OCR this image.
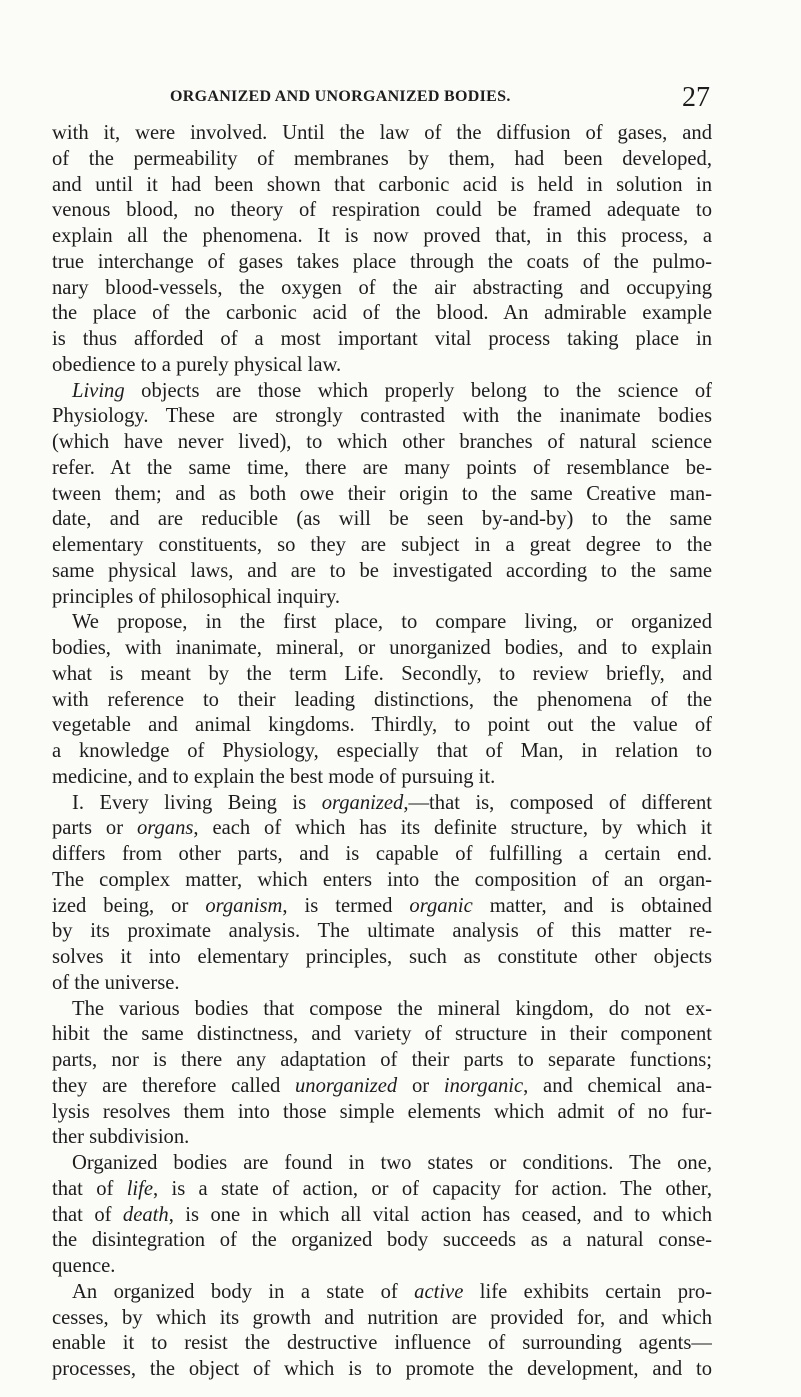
ORGANIZED AND UNORGANIZED BODIES.	27
with it, were involved. Until the law of the diffusion of gases, and
of the permeability of membranes by them, had been developed,
and until it had been shown that carbonic acid is held in solution in
venous blood, no theory of respiration could be framed adequate to
explain all the phenomena. It is now proved that, in this process, a
true interchange of gases takes place through the coats of the pulmo-
nary blood-vessels, the oxygen of the air abstracting and occupying
the place of the carbonic acid of the blood. An admirable example
is thus afforded of a most important vital process taking place in
obedience to a purely physical law.
Living objects are those which properly belong to the science of
Physiology. These are strongly contrasted with the inanimate bodies
(which have never lived), to which other branches of natural science
refer. At the same time, there are many points of resemblance be-
tween them; and as both owe their origin to the same Creative man-
date, and are reducible (as will be seen by-and-by) to the same
elementary constituents, so they are subject in a great degree to the
same physical laws, and are to be investigated according to the same
principles of philosophical inquiry.
We propose, in the first place, to compare living, or organized
bodies, with inanimate, mineral, or unorganized bodies, and to explain
what is meant by the term Life. Secondly, to review briefly, and
with reference to their leading distinctions, the phenomena of the
vegetable and animal kingdoms. Thirdly, to point out the value of
a knowledge of Physiology, especially that of Man, in relation to
medicine, and to explain the best mode of pursuing it.
I. Every living Being is organized,—that is, composed of different
parts or organs, each of which has its definite structure, by which it
differs from other parts, and is capable of fulfilling a certain end.
The complex matter, which enters into the composition of an organ-
ized being, or organism, is termed organic matter, and is obtained
by its proximate analysis. The ultimate analysis of this matter re-
solves it into elementary principles, such as constitute other objects
of the universe.
The various bodies that compose the mineral kingdom, do not ex-
hibit the same distinctness, and variety of structure in their component
parts, nor is there any adaptation of their parts to separate functions;
they are therefore called unorganized or inorganic, and chemical ana-
lysis resolves them into those simple elements which admit of no fur-
ther subdivision.
Organized bodies are found in two states or conditions. The one,
that of life, is a state of action, or of capacity for action. The other,
that of death, is one in which all vital action has ceased, and to which
the disintegration of the organized body succeeds as a natural conse-
quence.
An organized body in a state of active life exhibits certain pro-
cesses, by which its growth and nutrition are provided for, and which
enable it to resist the destructive influence of surrounding agents—
processes, the object of which is to promote the development, and to
